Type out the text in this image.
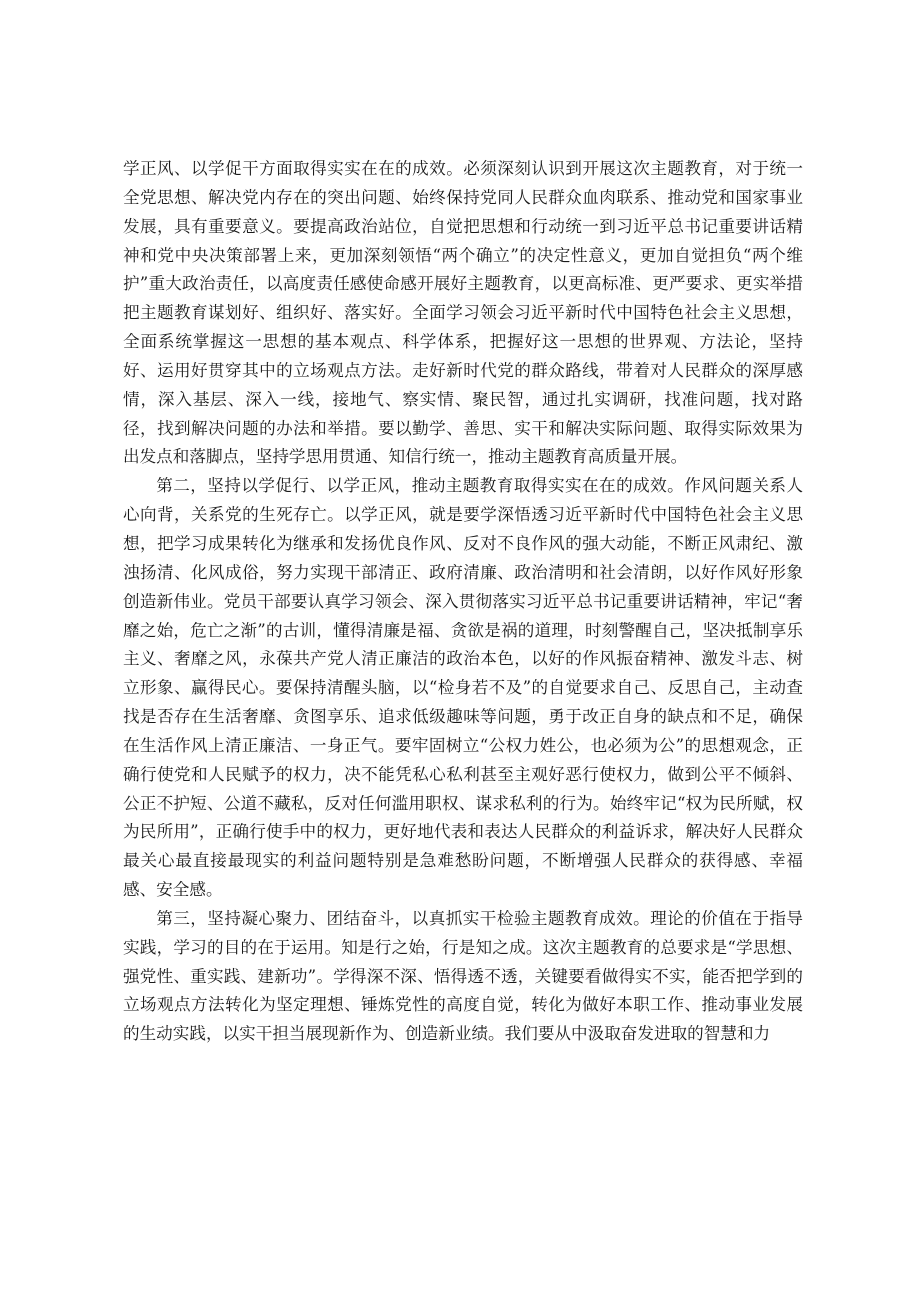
学正风、以学促干方面取得实实在在的成效。必须深刻认识到开展这次主题教育，对于统一全党思想、解决党内存在的突出问题、始终保持党同人民群众血肉联系、推动党和国家事业发展，具有重要意义。要提高政治站位，自觉把思想和行动统一到习近平总书记重要讲话精神和党中央决策部署上来，更加深刻领悟“两个确立”的决定性意义，更加自觉担负“两个维护”重大政治责任，以高度责任感使命感开展好主题教育，以更高标准、更严要求、更实举措把主题教育谋划好、组织好、落实好。全面学习领会习近平新时代中国特色社会主义思想，全面系统掌握这一思想的基本观点、科学体系，把握好这一思想的世界观、方法论，坚持好、运用好贯穿其中的立场观点方法。走好新时代党的群众路线，带着对人民群众的深厚感情，深入基层、深入一线，接地气、察实情、聚民智，通过扎实调研，找准问题，找对路径，找到解决问题的办法和举措。要以勤学、善思、实干和解决实际问题、取得实际效果为出发点和落脚点，坚持学思用贯通、知信行统一，推动主题教育高质量开展。

第二，坚持以学促行、以学正风，推动主题教育取得实实在在的成效。作风问题关系人心向背，关系党的生死存亡。以学正风，就是要学深悟透习近平新时代中国特色社会主义思想，把学习成果转化为继承和发扬优良作风、反对不良作风的强大动能，不断正风肃纪、激浊扬清、化风成俗，努力实现干部清正、政府清廉、政治清明和社会清朗，以好作风好形象创造新伟业。党员干部要认真学习领会、深入贯彻落实习近平总书记重要讲话精神，牢记“奢靡之始，危亡之渐”的古训，懂得清廉是福、贪欲是祸的道理，时刻警醒自己，坚决抵制享乐主义、奢靡之风，永葆共产党人清正廉洁的政治本色，以好的作风振奋精神、激发斗志、树立形象、赢得民心。要保持清醒头脑，以“检身若不及”的自觉要求自己、反思自己，主动查找是否存在生活奢靡、贪图享乐、追求低级趣味等问题，勇于改正自身的缺点和不足，确保在生活作风上清正廉洁、一身正气。要牢固树立“公权力姓公，也必须为公”的思想观念，正确行使党和人民赋予的权力，决不能凭私心私利甚至主观好恶行使权力，做到公平不倾斜、公正不护短、公道不藏私，反对任何滥用职权、谋求私利的行为。始终牢记“权为民所赋，权为民所用”，正确行使手中的权力，更好地代表和表达人民群众的利益诉求，解决好人民群众最关心最直接最现实的利益问题特别是急难愁盼问题，不断增强人民群众的获得感、幸福感、安全感。

第三，坚持凝心聚力、团结奋斗，以真抓实干检验主题教育成效。理论的价值在于指导实践，学习的目的在于运用。知是行之始，行是知之成。这次主题教育的总要求是“学思想、强党性、重实践、建新功”。学得深不深、悟得透不透，关键要看做得实不实，能否把学到的立场观点方法转化为坚定理想、锤炼党性的高度自觉，转化为做好本职工作、推动事业发展的生动实践，以实干担当展现新作为、创造新业绩。我们要从中汲取奋发进取的智慧和力
